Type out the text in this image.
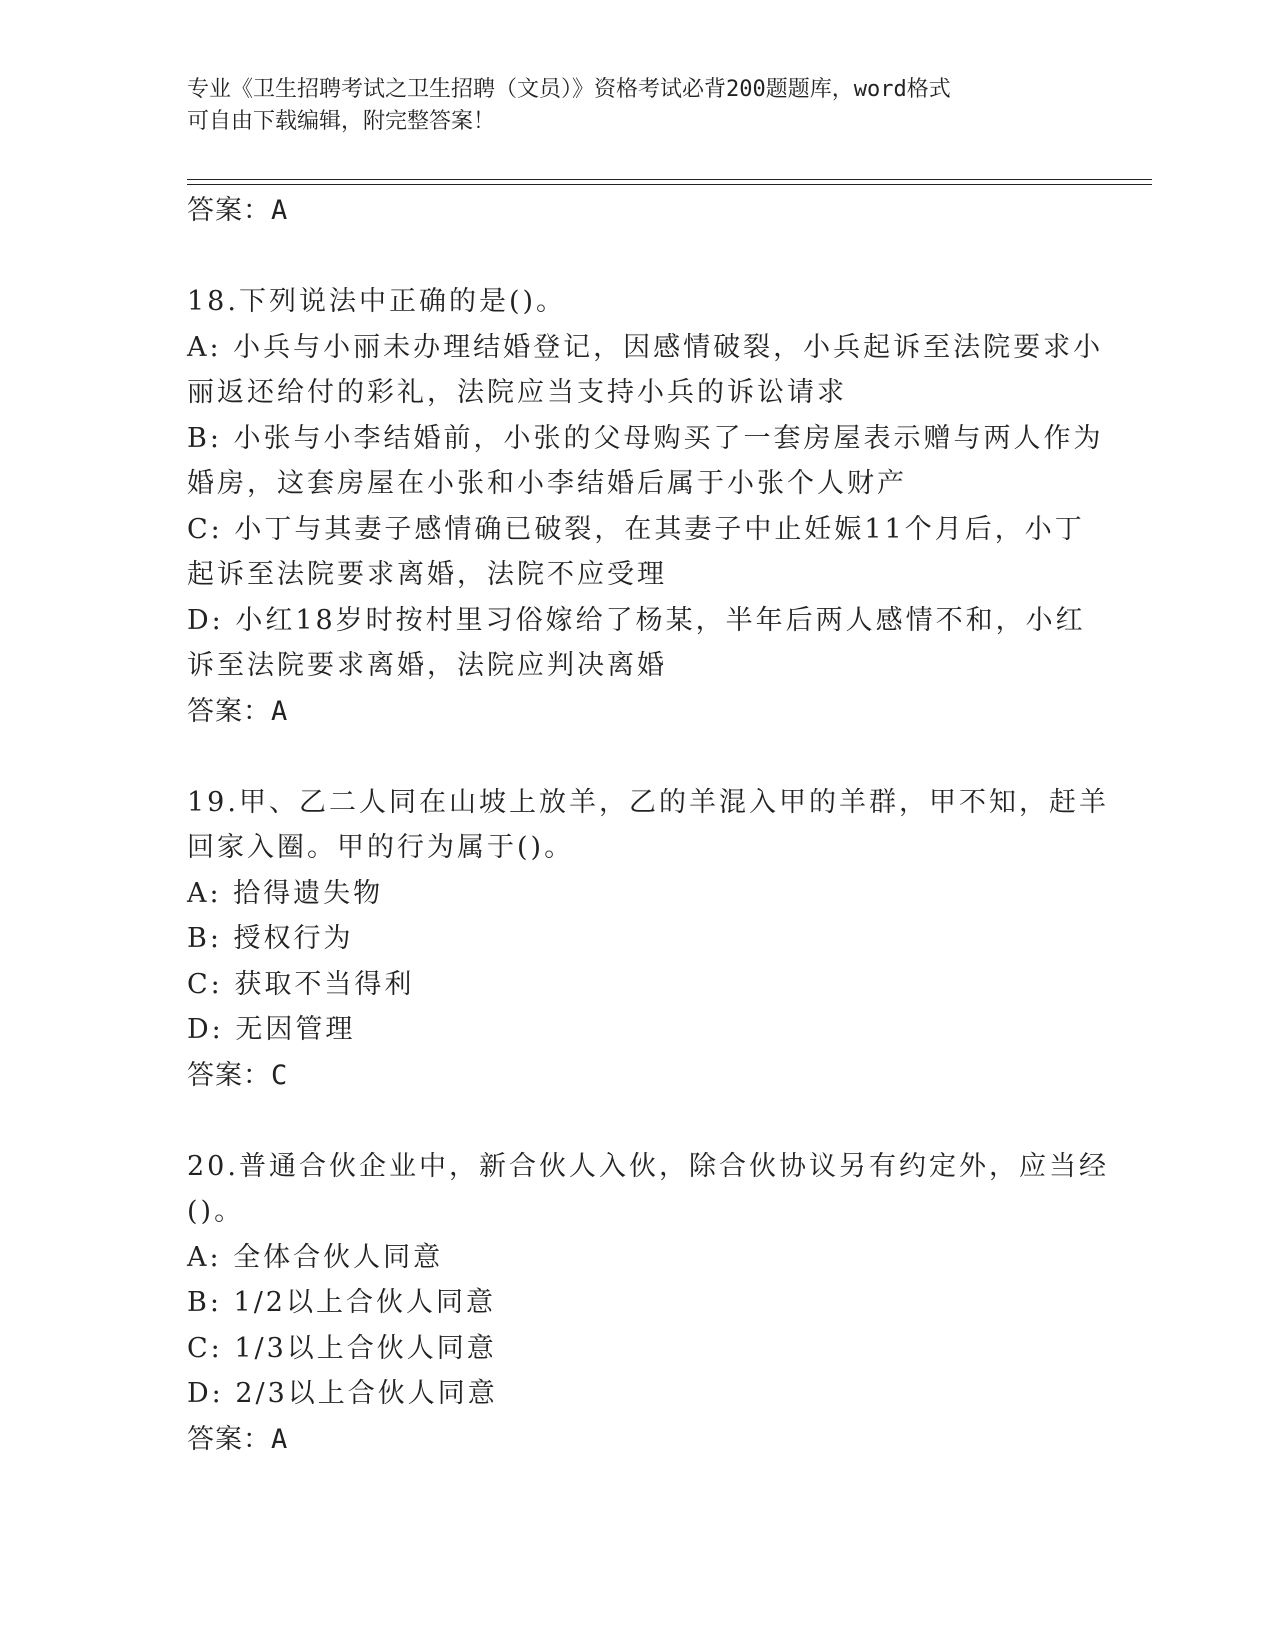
专业《卫生招聘考试之卫生招聘（文员）》资格考试必背200题题库，word格式
可自由下载编辑，附完整答案！
答案：A
18.下列说法中正确的是()。
A: 小兵与小丽未办理结婚登记，因感情破裂，小兵起诉至法院要求小
丽返还给付的彩礼，法院应当支持小兵的诉讼请求
B: 小张与小李结婚前，小张的父母购买了一套房屋表示赠与两人作为
婚房，这套房屋在小张和小李结婚后属于小张个人财产
C: 小丁与其妻子感情确已破裂，在其妻子中止妊娠11个月后，小丁
起诉至法院要求离婚，法院不应受理
D: 小红18岁时按村里习俗嫁给了杨某，半年后两人感情不和，小红
诉至法院要求离婚，法院应判决离婚
答案：A
19.甲、乙二人同在山坡上放羊，乙的羊混入甲的羊群，甲不知，赶羊
回家入圈。甲的行为属于()。
A: 拾得遗失物
B: 授权行为
C: 获取不当得利
D: 无因管理
答案：C
20.普通合伙企业中，新合伙人入伙，除合伙协议另有约定外，应当经
()。
A: 全体合伙人同意
B: 1/2以上合伙人同意
C: 1/3以上合伙人同意
D: 2/3以上合伙人同意
答案：A
